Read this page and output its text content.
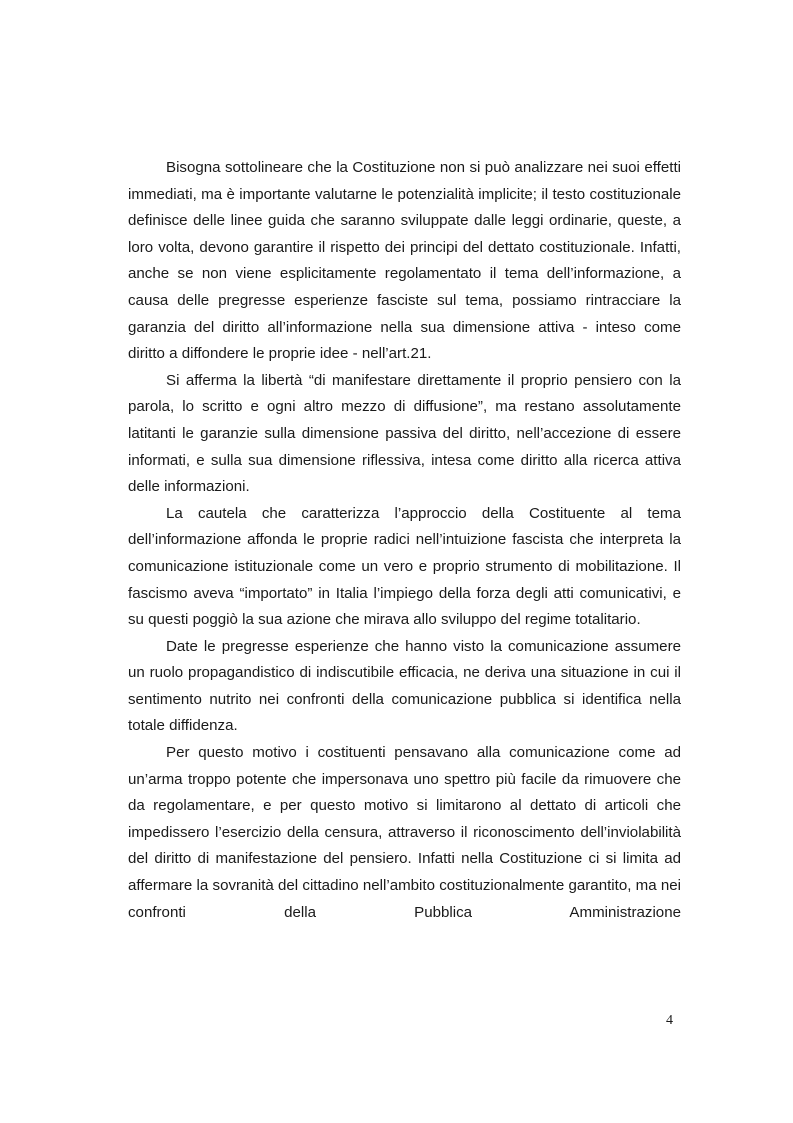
Bisogna sottolineare che la Costituzione non si può analizzare nei suoi effetti immediati, ma è importante valutarne le potenzialità implicite; il testo costituzionale definisce delle linee guida che saranno sviluppate dalle leggi ordinarie, queste, a loro volta, devono garantire il rispetto dei principi del dettato costituzionale. Infatti, anche se non viene esplicitamente regolamentato il tema dell’informazione, a causa delle pregresse esperienze fasciste sul tema, possiamo rintracciare la garanzia del diritto all’informazione nella sua dimensione attiva - inteso come diritto a diffondere le proprie idee - nell’art.21.

Si afferma la libertà “di manifestare direttamente il proprio pensiero con la parola, lo scritto e ogni altro mezzo di diffusione”, ma restano assolutamente latitanti le garanzie sulla dimensione passiva del diritto, nell’accezione di essere informati, e sulla sua dimensione riflessiva, intesa come diritto alla ricerca attiva delle informazioni.

La cautela che caratterizza l’approccio della Costituente al tema dell’informazione affonda le proprie radici nell’intuizione fascista che interpreta la comunicazione istituzionale come un vero e proprio strumento di mobilitazione. Il fascismo aveva “importato” in Italia l’impiego della forza degli atti comunicativi, e su questi poggiò la sua azione che mirava allo sviluppo del regime totalitario.

Date le pregresse esperienze che hanno visto la comunicazione assumere un ruolo propagandistico di indiscutibile efficacia, ne deriva una situazione in cui il sentimento nutrito nei confronti della comunicazione pubblica si identifica nella totale diffidenza.

Per questo motivo i costituenti pensavano alla comunicazione come ad un’arma troppo potente che impersonava uno spettro più facile da rimuovere che da regolamentare, e per questo motivo si limitarono al dettato di articoli che impedissero l’esercizio della censura, attraverso il riconoscimento dell’inviolabilità del diritto di manifestazione del pensiero. Infatti nella Costituzione ci si limita ad affermare la sovranità del cittadino nell’ambito costituzionalmente garantito, ma nei confronti della Pubblica Amministrazione

4
